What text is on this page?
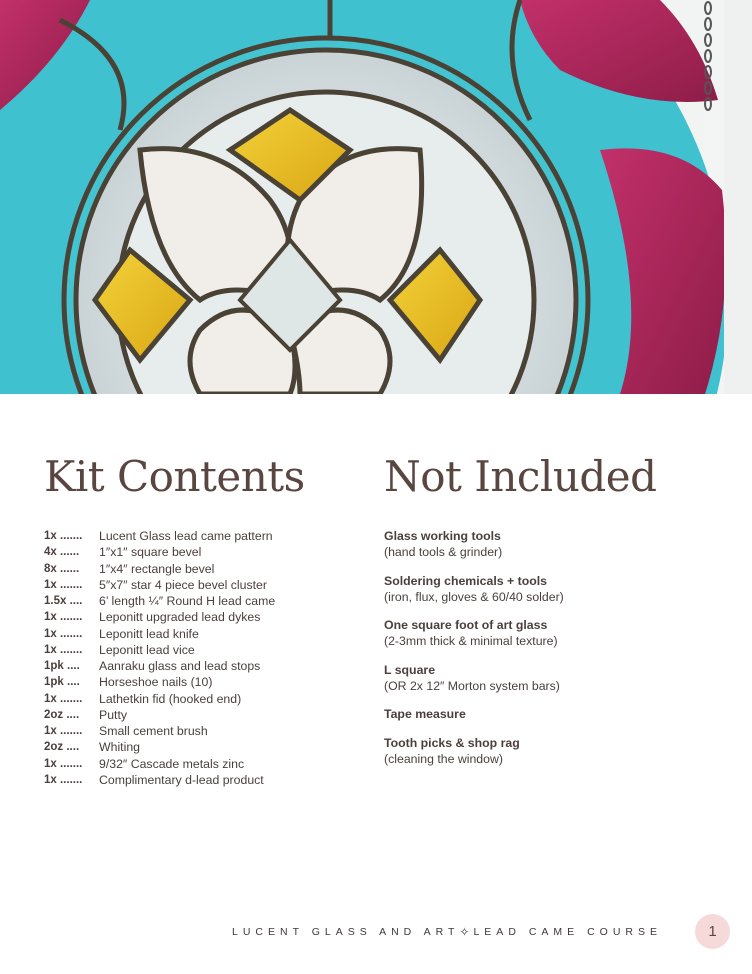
Kit Contents Not Included
1x .......	Lucent Glass lead came pattern
4x ......	1″x1″ square bevel
8x ......	1″x4″ rectangle bevel
1x .......	5″x7″ star 4 piece bevel cluster
1.5x ....	6’ length ¼″ Round H lead came
1x .......	Leponitt upgraded lead dykes
1x .......	Leponitt lead knife
1x .......	Leponitt lead vice
1pk ....	Aanraku glass and lead stops
1pk ....	Horseshoe nails (10)
1x .......	Lathetkin fid (hooked end)
2oz ....	Putty
1x .......	Small cement brush
2oz ....	Whiting
1x .......	9/32″ Cascade metals zinc
1x .......	Complimentary d-lead product
Glass working tools
(hand tools & grinder)
Soldering chemicals + tools
(iron, flux, gloves & 60/40 solder)
One square foot of art glass
(2-3mm thick & minimal texture)
L square
(OR 2x 12″ Morton system bars)
Tape measure
Tooth picks & shop rag
(cleaning the window)
LUCENT GLASS AND ART ✧ LEAD CAME COURSE	1
